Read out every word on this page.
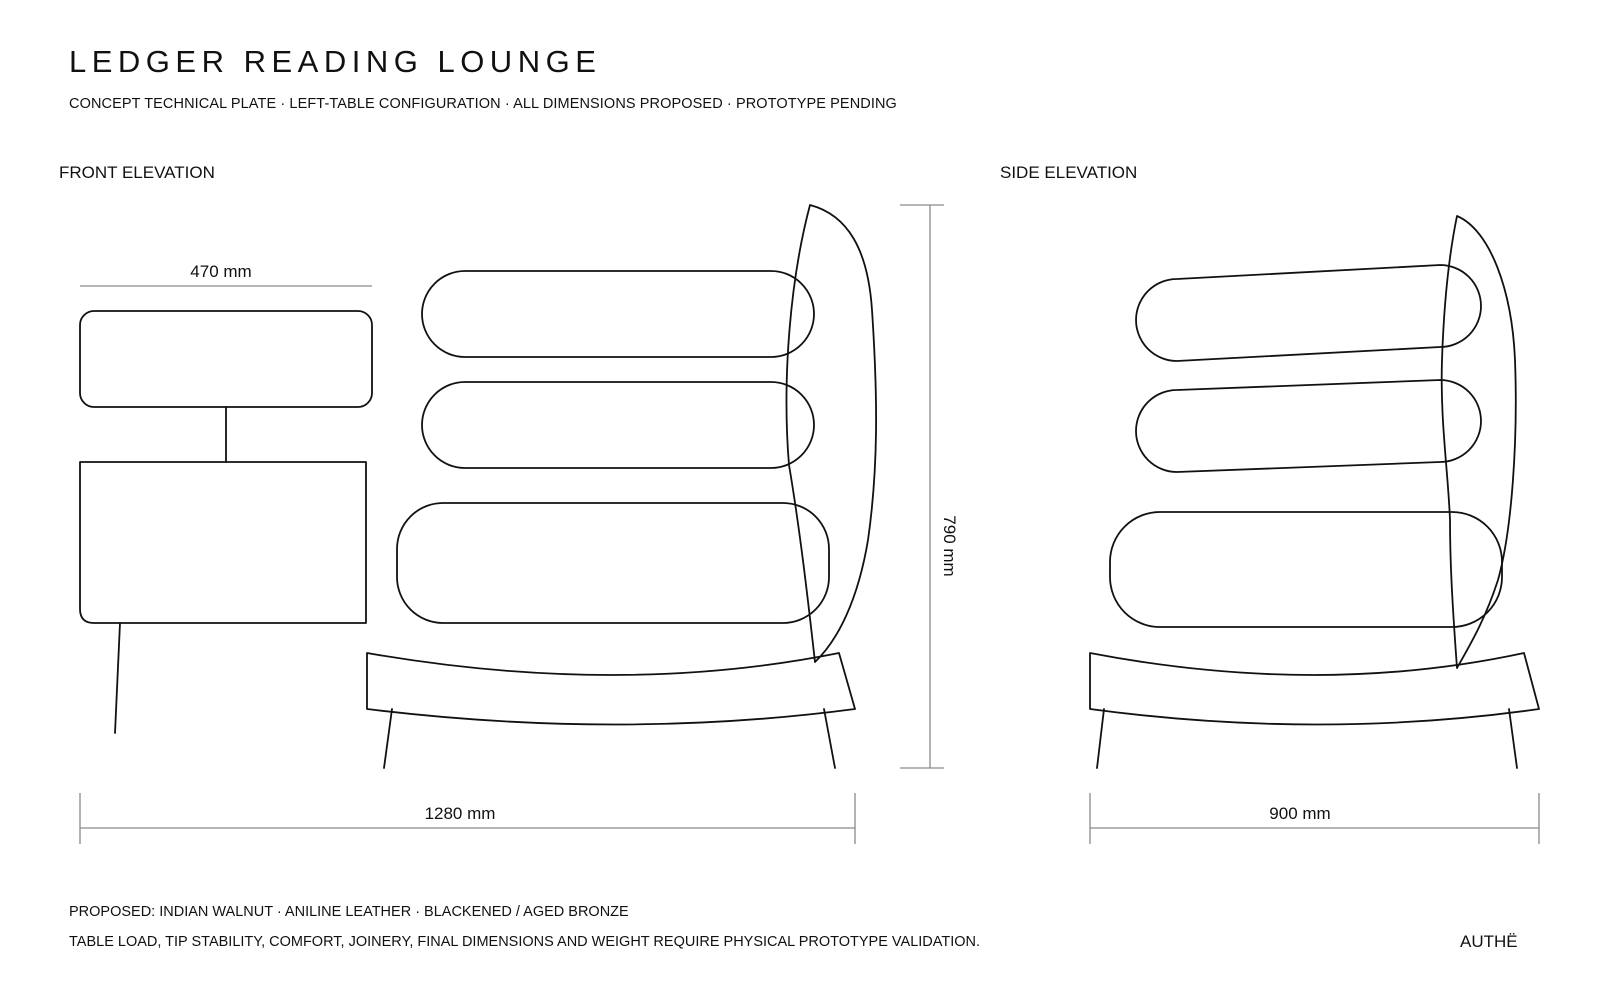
LEDGER READING LOUNGE
CONCEPT TECHNICAL PLATE · LEFT-TABLE CONFIGURATION · ALL DIMENSIONS PROPOSED · PROTOTYPE PENDING
FRONT ELEVATION	SIDE ELEVATION
470 mm
790 mm
1280 mm	900 mm
PROPOSED: INDIAN WALNUT · ANILINE LEATHER · BLACKENED / AGED BRONZE
TABLE LOAD, TIP STABILITY, COMFORT, JOINERY, FINAL DIMENSIONS AND WEIGHT REQUIRE PHYSICAL PROTOTYPE VALIDATION.	AUTHË
